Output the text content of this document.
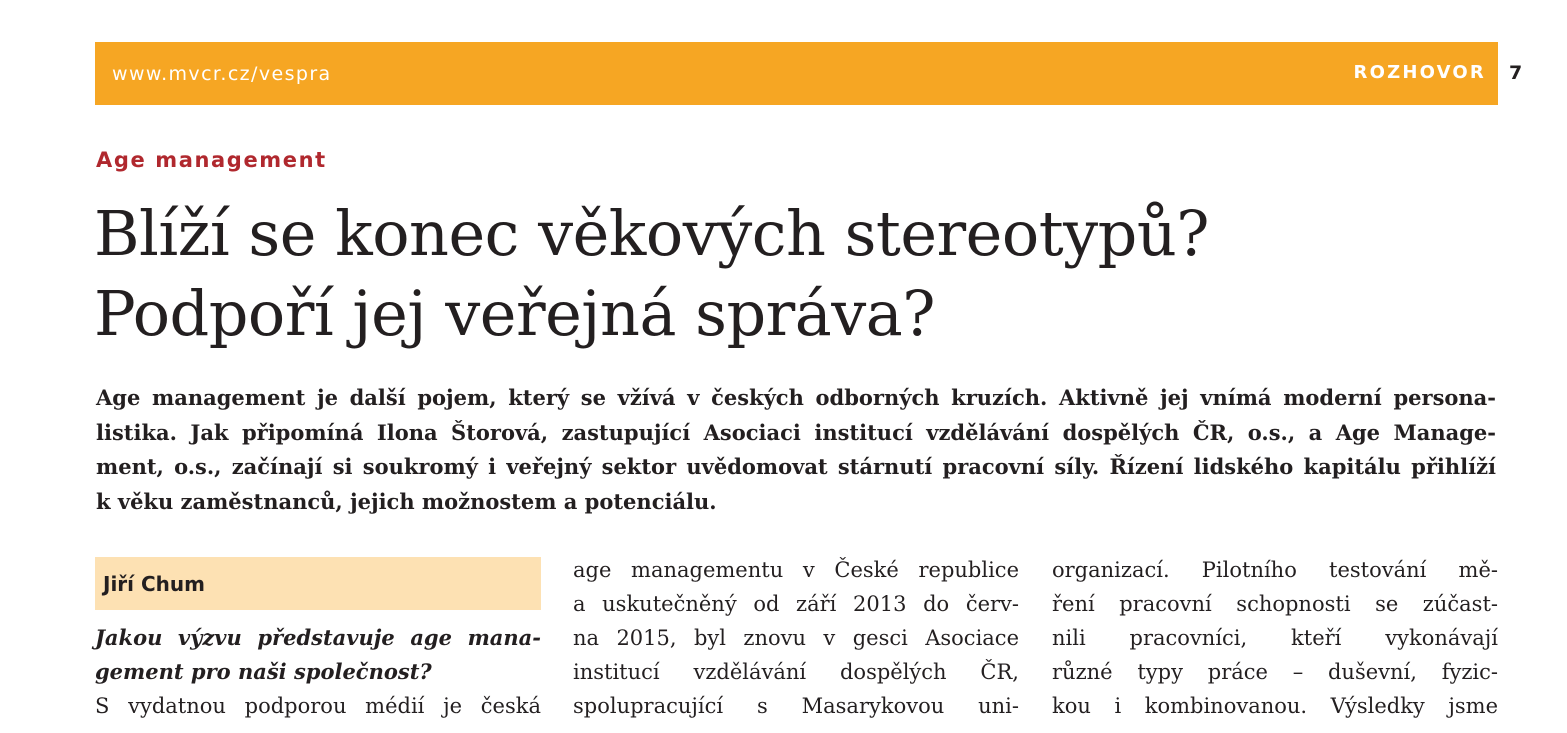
www.mvcr.cz/vespra	ROZHOVOR 7
Age management
Blíží se konec věkových stereotypů?
Podpoří jej veřejná správa?
Age management je další pojem, který se vžívá v českých odborných kruzích. Aktivně jej vnímá moderní persona-
listika. Jak připomíná Ilona Štorová, zastupující Asociaci institucí vzdělávání dospělých ČR, o.s., a Age Manage-
ment, o.s., začínají si soukromý i veřejný sektor uvědomovat stárnutí pracovní síly. Řízení lidského kapitálu přihlíží
k věku zaměstnanců, jejich možnostem a potenciálu.
Jiří Chum
Jakou výzvu představuje age mana-
gement pro naši společnost?
S vydatnou podporou médií je česká
age managementu v České republice
a uskutečněný od září 2013 do červ-
na 2015, byl znovu v gesci Asociace
institucí vzdělávání dospělých ČR,
spolupracující s Masarykovou uni-
organizací. Pilotního testování mě-
ření pracovní schopnosti se zúčast-
nili pracovníci, kteří vykonávají
různé typy práce – duševní, fyzic-
kou i kombinovanou. Výsledky jsme
